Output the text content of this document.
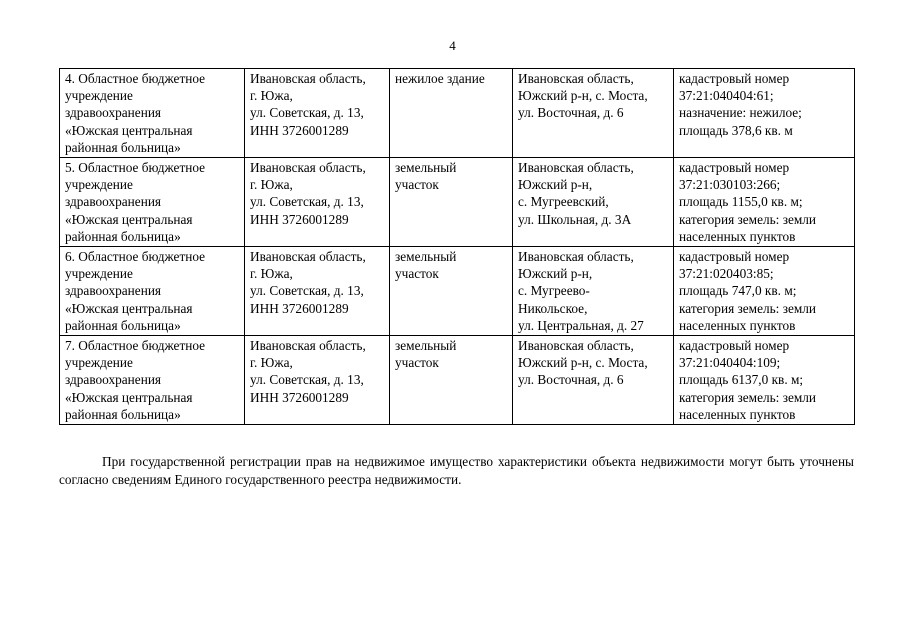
4
4. Областное бюджетное
учреждение
здравоохранения
«Южская центральная
районная больница»	Ивановская область,
г. Южа,
ул. Советская, д. 13,
ИНН 3726001289	нежилое здание	Ивановская область,
Южский р-н, с. Моста,
ул. Восточная, д. 6	кадастровый номер
37:21:040404:61;
назначение: нежилое;
площадь 378,6 кв. м
5. Областное бюджетное
учреждение
здравоохранения
«Южская центральная
районная больница»	Ивановская область,
г. Южа,
ул. Советская, д. 13,
ИНН 3726001289	земельный
участок	Ивановская область,
Южский р-н,
с. Мугреевский,
ул. Школьная, д. 3А	кадастровый номер
37:21:030103:266;
площадь 1155,0 кв. м;
категория земель: земли
населенных пунктов
6. Областное бюджетное
учреждение
здравоохранения
«Южская центральная
районная больница»	Ивановская область,
г. Южа,
ул. Советская, д. 13,
ИНН 3726001289	земельный
участок	Ивановская область,
Южский р-н,
с. Мугреево-
Никольское,
ул. Центральная, д. 27	кадастровый номер
37:21:020403:85;
площадь 747,0 кв. м;
категория земель: земли
населенных пунктов
7. Областное бюджетное
учреждение
здравоохранения
«Южская центральная
районная больница»	Ивановская область,
г. Южа,
ул. Советская, д. 13,
ИНН 3726001289	земельный
участок	Ивановская область,
Южский р-н, с. Моста,
ул. Восточная, д. 6	кадастровый номер
37:21:040404:109;
площадь 6137,0 кв. м;
категория земель: земли
населенных пунктов

При государственной регистрации прав на недвижимое имущество характеристики объекта недвижимости могут быть уточнены согласно сведениям Единого государственного реестра недвижимости.
